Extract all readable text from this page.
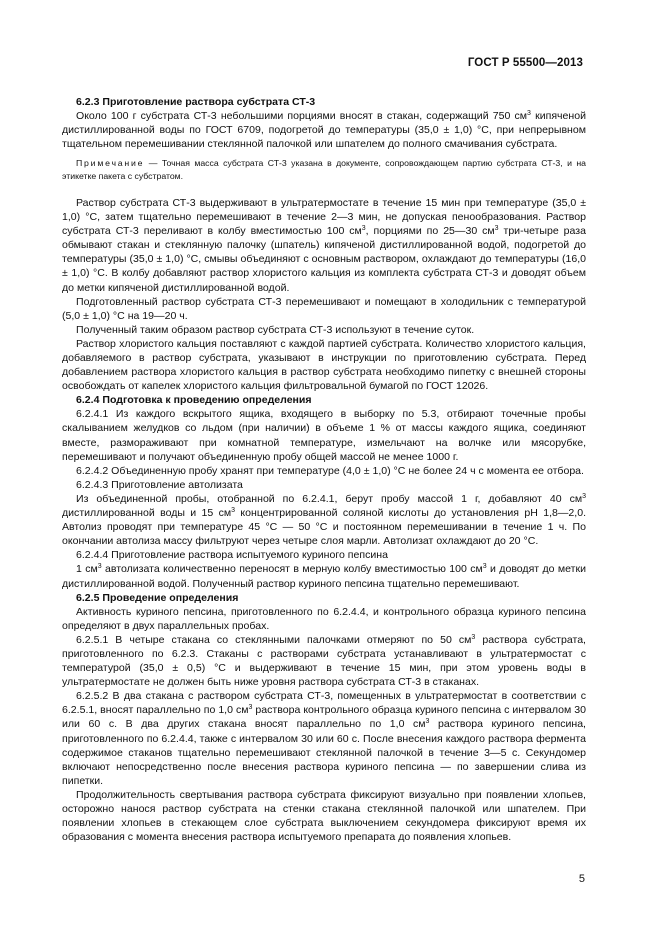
ГОСТ Р 55500—2013

6.2.3 Приготовление раствора субстрата СТ-3

Около 100 г субстрата СТ-3 небольшими порциями вносят в стакан, содержащий 750 $см^3$ кипяченой дистиллированной воды по ГОСТ 6709, подогретой до температуры (35,0 ± 1,0) °С, при непрерывном тщательном перемешивании стеклянной палочкой или шпателем до полного смачивания субстрата.

Примечание — Точная масса субстрата СТ-3 указана в документе, сопровождающем партию субстрата СТ-3, и на этикетке пакета с субстратом.

Раствор субстрата СТ-3 выдерживают в ультратермостате в течение 15 мин при температуре (35,0 ± 1,0) °С, затем тщательно перемешивают в течение 2—3 мин, не допуская пенообразования. Раствор субстрата СТ-3 переливают в колбу вместимостью 100 $см^3$, порциями по 25—30 $см^3$ три-четыре раза обмывают стакан и стеклянную палочку (шпатель) кипяченой дистиллированной водой, подогретой до температуры (35,0 ± 1,0) °С, смывы объединяют с основным раствором, охлаждают до температуры (16,0 ± 1,0) °С. В колбу добавляют раствор хлористого кальция из комплекта субстрата СТ-3 и доводят объем до метки кипяченой дистиллированной водой.

Подготовленный раствор субстрата СТ-3 перемешивают и помещают в холодильник с температурой (5,0 ± 1,0) °С на 19—20 ч.

Полученный таким образом раствор субстрата СТ-3 используют в течение суток.

Раствор хлористого кальция поставляют с каждой партией субстрата. Количество хлористого кальция, добавляемого в раствор субстрата, указывают в инструкции по приготовлению субстрата. Перед добавлением раствора хлористого кальция в раствор субстрата необходимо пипетку с внешней стороны освобождать от капелек хлористого кальция фильтровальной бумагой по ГОСТ 12026.

6.2.4 Подготовка к проведению определения

6.2.4.1 Из каждого вскрытого ящика, входящего в выборку по 5.3, отбирают точечные пробы скалыванием желудков со льдом (при наличии) в объеме 1 % от массы каждого ящика, соединяют вместе, размораживают при комнатной температуре, измельчают на волчке или мясорубке, перемешивают и получают объединенную пробу общей массой не менее 1000 г.

6.2.4.2 Объединенную пробу хранят при температуре (4,0 ± 1,0) °С не более 24 ч с момента ее отбора.

6.2.4.3 Приготовление автолизата

Из объединенной пробы, отобранной по 6.2.4.1, берут пробу массой 1 г, добавляют 40 $см^3$ дистиллированной воды и 15 $см^3$ концентрированной соляной кислоты до установления рН 1,8—2,0. Автолиз проводят при температуре 45 °С — 50 °С и постоянном перемешивании в течение 1 ч. По окончании автолиза массу фильтруют через четыре слоя марли. Автолизат охлаждают до 20 °С.

6.2.4.4 Приготовление раствора испытуемого куриного пепсина

1 $см^3$ автолизата количественно переносят в мерную колбу вместимостью 100 $см^3$ и доводят до метки дистиллированной водой. Полученный раствор куриного пепсина тщательно перемешивают.

6.2.5 Проведение определения

Активность куриного пепсина, приготовленного по 6.2.4.4, и контрольного образца куриного пепсина определяют в двух параллельных пробах.

6.2.5.1 В четыре стакана со стеклянными палочками отмеряют по 50 $см^3$ раствора субстрата, приготовленного по 6.2.3. Стаканы с растворами субстрата устанавливают в ультратермостат с температурой (35,0 ± 0,5) °С и выдерживают в течение 15 мин, при этом уровень воды в ультратермостате не должен быть ниже уровня раствора субстрата СТ-3 в стаканах.

6.2.5.2 В два стакана с раствором субстрата СТ-3, помещенных в ультратермостат в соответствии с 6.2.5.1, вносят параллельно по 1,0 $см^3$ раствора контрольного образца куриного пепсина с интервалом 30 или 60 с. В два других стакана вносят параллельно по 1,0 $см^3$ раствора куриного пепсина, приготовленного по 6.2.4.4, также с интервалом 30 или 60 с. После внесения каждого раствора фермента содержимое стаканов тщательно перемешивают стеклянной палочкой в течение 3—5 с. Секундомер включают непосредственно после внесения раствора куриного пепсина — по завершении слива из пипетки.

Продолжительность свертывания раствора субстрата фиксируют визуально при появлении хлопьев, осторожно нанося раствор субстрата на стенки стакана стеклянной палочкой или шпателем. При появлении хлопьев в стекающем слое субстрата выключением секундомера фиксируют время их образования с момента внесения раствора испытуемого препарата до появления хлопьев.

5
